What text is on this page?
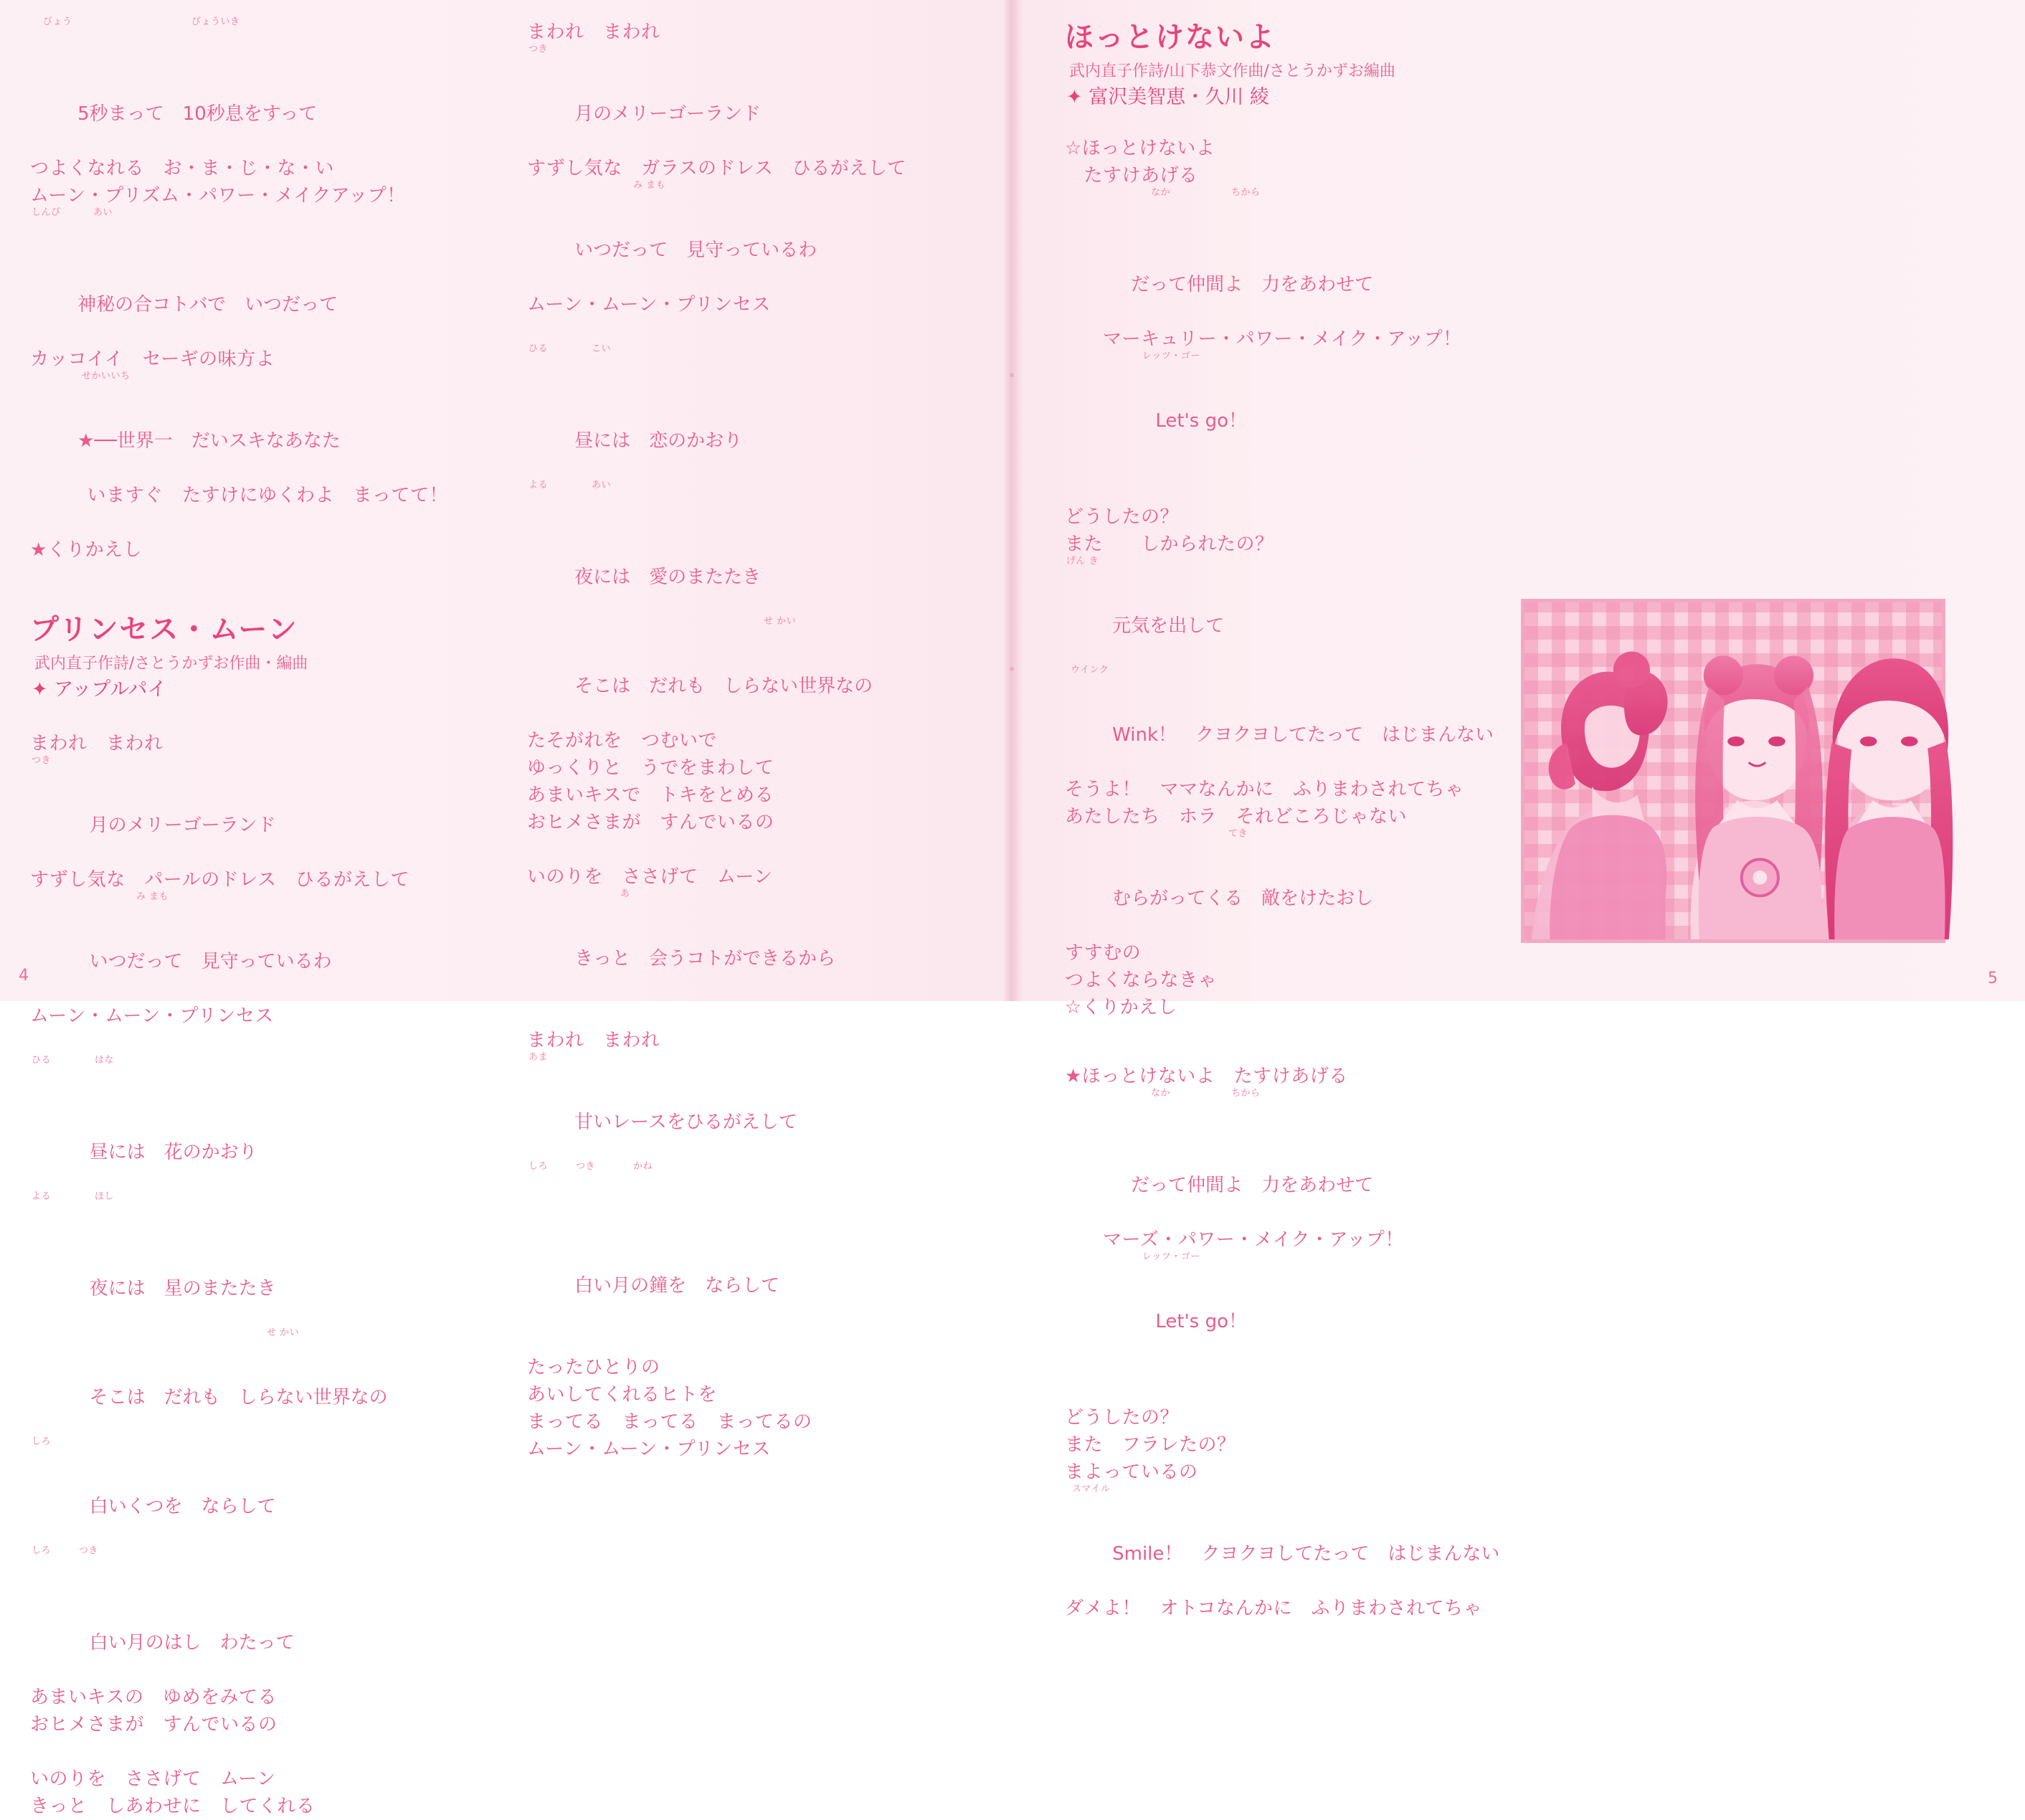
びょう

	びょういき

5秒まって　10秒息をすって

つよくなれる　お・ま・じ・な・い
ムーン・プリズム・パワー・メイクアップ！

しんぴ

	あい

神秘の合コトバで　いつだって

カッコイイ　セーギの味方よ

せかいいち

★──世界一　だいスキなあなた

　　　いますぐ　たすけにゆくわよ　まってて！
★くりかえし
プリンセス・ムーン
武内直子作詩/さとうかずお作曲・編曲
✦ アップルパイ
まわれ　まわれ

つき

月のメリーゴーランド

すずし気な　パールのドレス　ひるがえして

み まも

いつだって　見守っているわ

ムーン・ムーン・プリンセス

ひる

	はな

昼には　花のかおり

よる

	ほし

夜には　星のまたたき

せ かい

そこは　だれも　しらない世界なの

しろ

白いくつを　ならして

しろ

	つき

白い月のはし　わたって

あまいキスの　ゆめをみてる
おヒメさまが　すんでいるの
いのりを　ささげて　ムーン
きっと　しあわせに　してくれる
まわれ　まわれ

つき

月のメリーゴーランド

すずし気な　ガラスのドレス　ひるがえして

み まも

いつだって　見守っているわ

ムーン・ムーン・プリンセス

ひる

	こい

昼には　恋のかおり

よる

	あい

夜には　愛のまたたき

せ かい

そこは　だれも　しらない世界なの

たそがれを　つむいで
ゆっくりと　うでをまわして
あまいキスで　トキをとめる
おヒメさまが　すんでいるの
いのりを　ささげて　ムーン

あ

きっと　会うコトができるから

まわれ　まわれ

あま

甘いレースをひるがえして

しろ

	つき

	かね

白い月の鐘を　ならして

たったひとりの
あいしてくれるヒトを
まってる　まってる　まってるの
ムーン・ムーン・プリンセス
ほっとけないよ
武内直子作詩/山下恭文作曲/さとうかずお編曲
✦ 富沢美智恵・久川 綾
☆ほっとけないよ
　たすけあげる

なか

	ちから

　だって仲間よ　力をあわせて

　　マーキュリー・パワー・メイク・アップ！

レッツ・ゴー

　　 Let's go！

どうしたの？
また　　しかられたの？

げん き

元気を出して

ウインク

Wink！　クヨクヨしてたって　はじまんない

そうよ！　ママなんかに　ふりまわされてちゃ
あたしたち　ホラ　それどころじゃない

てき

むらがってくる　敵をけたおし

すすむの
つよくならなきゃ
☆くりかえし
★ほっとけないよ　たすけあげる

なか

	ちから

　だって仲間よ　力をあわせて

　　マーズ・パワー・メイク・アップ！

レッツ・ゴー

　　 Let's go！

どうしたの？
また　フラレたの？
まよっているの

スマイル

Smile！　クヨクヨしてたって　はじまんない

ダメよ！　オトコなんかに　ふりまわされてちゃ
4	5
